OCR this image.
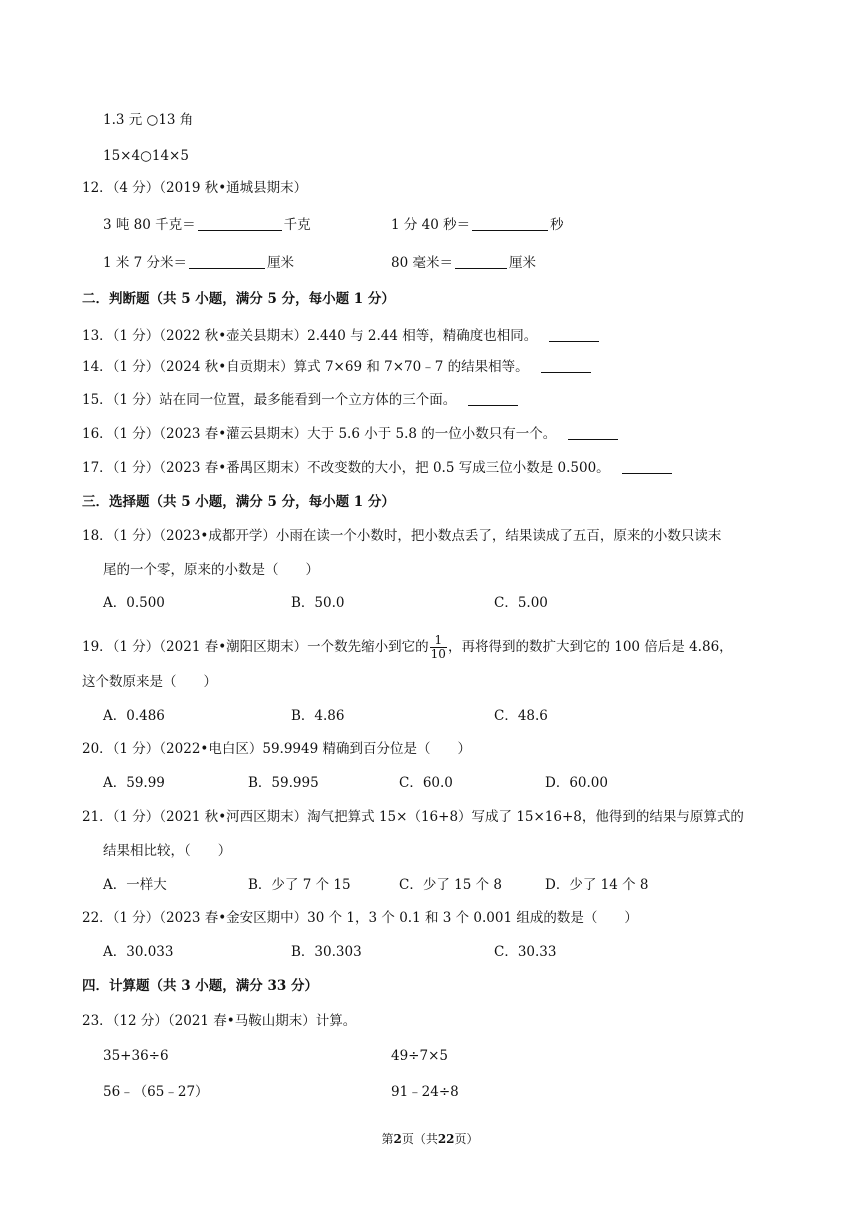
1.3 元 ○13 角
15×4○14×5
12．（4 分）（2019 秋•通城县期末）
3 吨 80 千克＝	千克	1 分 40 秒＝	秒
1 米 7 分米＝	厘米	80 毫米＝	厘米
二．判断题（共 5 小题，满分 5 分，每小题 1 分）
13．（1 分）（2022 秋•壶关县期末）2.440 与 2.44 相等，精确度也相同。
14．（1 分）（2024 秋•自贡期末）算式 7×69 和 7×70﹣7 的结果相等。
15．（1 分）站在同一位置，最多能看到一个立方体的三个面。
16．（1 分）（2023 春•灌云县期末）大于 5.6 小于 5.8 的一位小数只有一个。
17．（1 分）（2023 春•番禺区期末）不改变数的大小，把 0.5 写成三位小数是 0.500。
三．选择题（共 5 小题，满分 5 分，每小题 1 分）
18．（1 分）（2023•成都开学）小雨在读一个小数时，把小数点丢了，结果读成了五百，原来的小数只读末
尾的一个零，原来的小数是（　　）
A．0.500	B．50.0	C．5.00
19．（1 分）（2021 春•潮阳区期末）一个数先缩小到它的 $\frac{1}{10}$ ，再将得到的数扩大到它的 100 倍后是 4.86，
这个数原来是（　　）
A．0.486	B．4.86	C．48.6
20．（1 分）（2022•电白区）59.9949 精确到百分位是（　　）
A．59.99	B．59.995	C．60.0	D．60.00
21．（1 分）（2021 秋•河西区期末）淘气把算式 15×（16+8）写成了 15×16+8，他得到的结果与原算式的
结果相比较，（　　）
A．一样大	B．少了 7 个 15	C．少了 15 个 8	D．少了 14 个 8
22．（1 分）（2023 春•金安区期中）30 个 1，3 个 0.1 和 3 个 0.001 组成的数是（　　）
A．30.033	B．30.303	C．30.33
四．计算题（共 3 小题，满分 33 分）
23．（12 分）（2021 春•马鞍山期末）计算。
35+36÷6	49÷7×5
56﹣（65﹣27）	91﹣24÷8
第2页（共22页）
